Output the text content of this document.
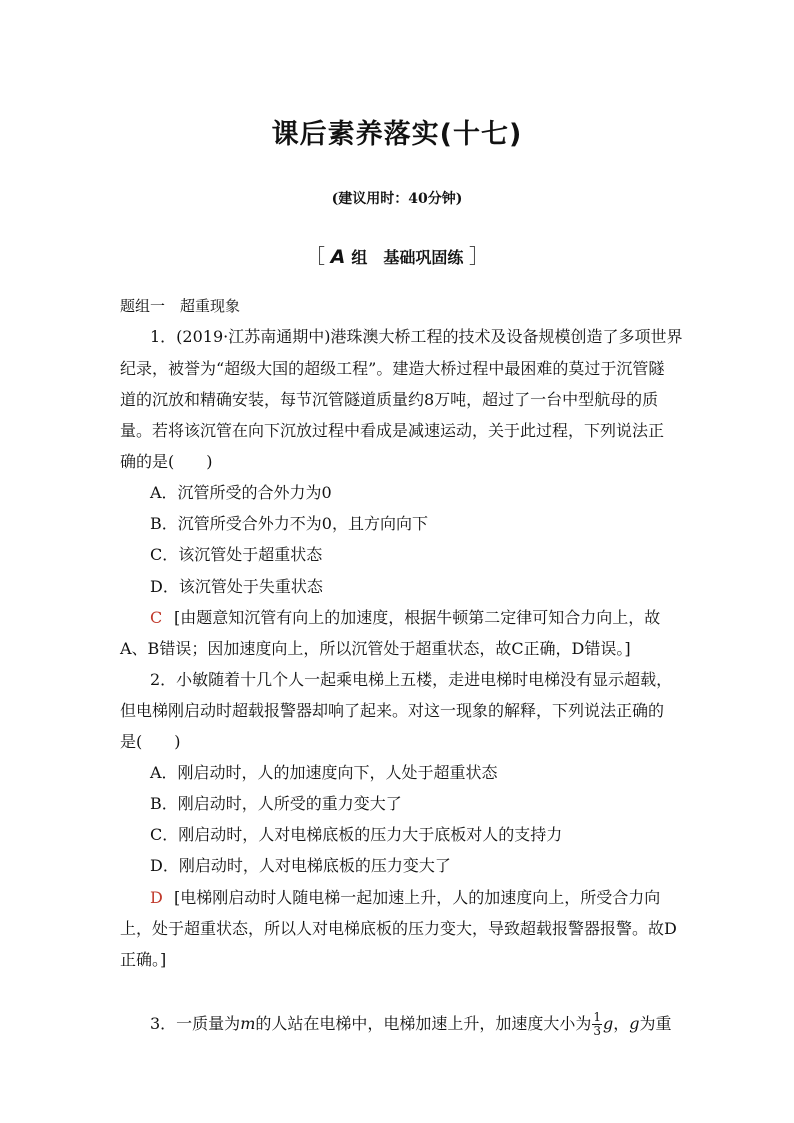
课后素养落实(十七)
(建议用时：40分钟)
［ A 组　基础巩固练 ］
题组一　超重现象
1．(2019·江苏南通期中)港珠澳大桥工程的技术及设备规模创造了多项世界
纪录，被誉为“超级大国的超级工程”。建造大桥过程中最困难的莫过于沉管隧
道的沉放和精确安装，每节沉管隧道质量约8万吨，超过了一台中型航母的质
量。若将该沉管在向下沉放过程中看成是减速运动，关于此过程，下列说法正
确的是(　　)
A．沉管所受的合外力为0
B．沉管所受合外力不为0，且方向向下
C．该沉管处于超重状态
D．该沉管处于失重状态
C [由题意知沉管有向上的加速度，根据牛顿第二定律可知合力向上，故
A、B错误；因加速度向上，所以沉管处于超重状态，故C正确，D错误。]
2．小敏随着十几个人一起乘电梯上五楼，走进电梯时电梯没有显示超载，
但电梯刚启动时超载报警器却响了起来。对这一现象的解释，下列说法正确的
是(　　)
A．刚启动时，人的加速度向下，人处于超重状态
B．刚启动时，人所受的重力变大了
C．刚启动时，人对电梯底板的压力大于底板对人的支持力
D．刚启动时，人对电梯底板的压力变大了
D [电梯刚启动时人随电梯一起加速上升，人的加速度向上，所受合力向
上，处于超重状态，所以人对电梯底板的压力变大，导致超载报警器报警。故D
正确。]
3．一质量为m的人站在电梯中，电梯加速上升，加速度大小为 $\frac{1}{3}$ g，g为重
